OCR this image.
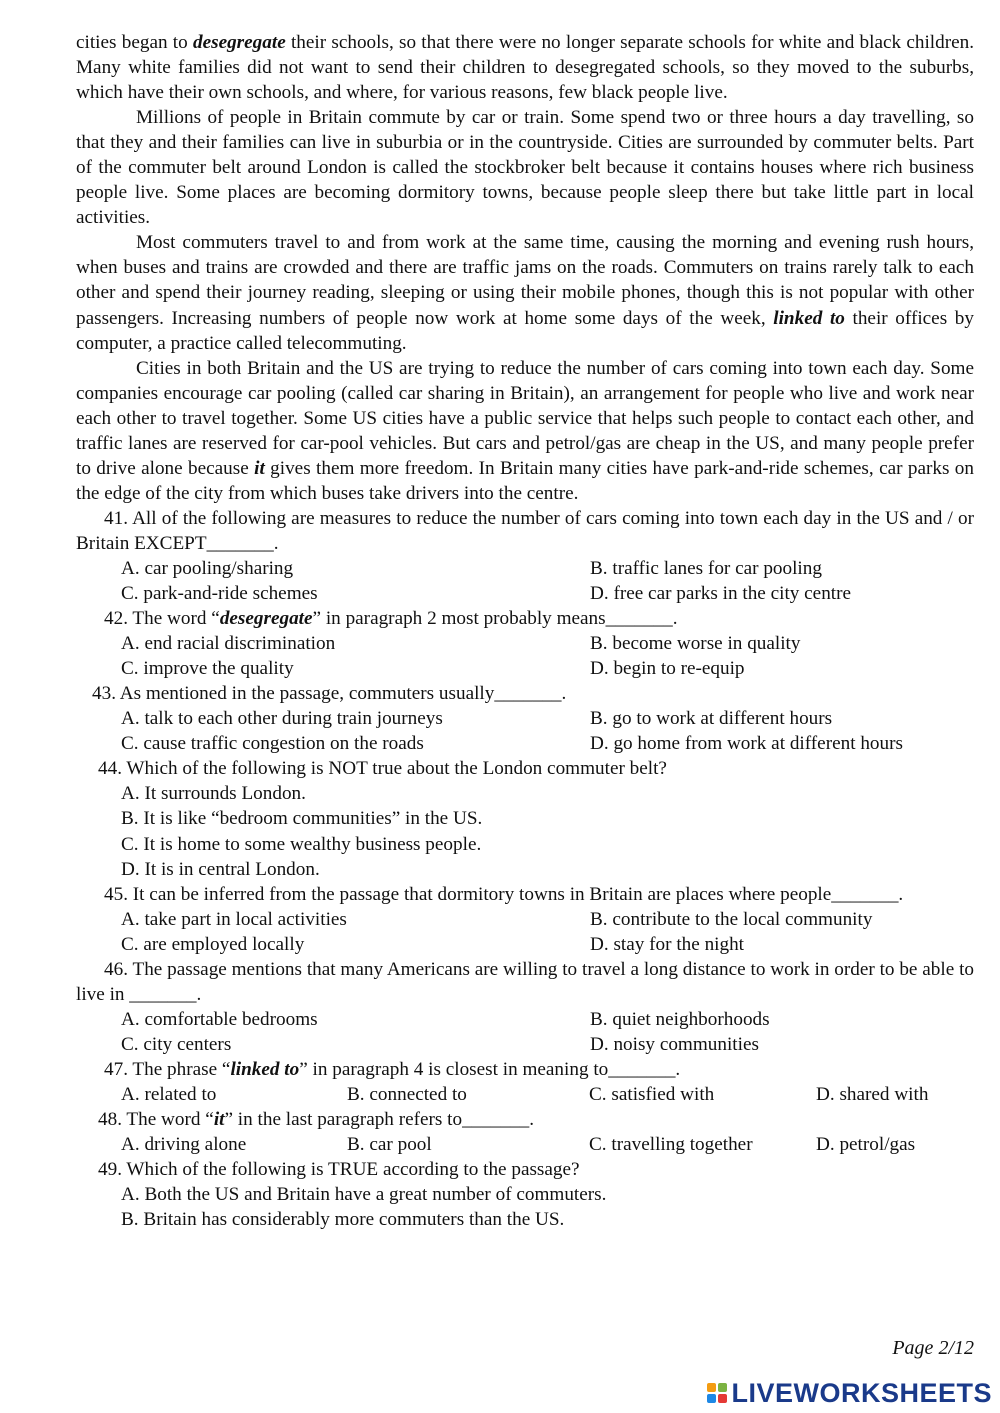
cities began to desegregate their schools, so that there were no longer separate schools for white and black children. Many white families did not want to send their children to desegregated schools, so they moved to the suburbs, which have their own schools, and where, for various reasons, few black people live.

Millions of people in Britain commute by car or train. Some spend two or three hours a day travelling, so that they and their families can live in suburbia or in the countryside. Cities are surrounded by commuter belts. Part of the commuter belt around London is called the stockbroker belt because it contains houses where rich business people live. Some places are becoming dormitory towns, because people sleep there but take little part in local activities.

Most commuters travel to and from work at the same time, causing the morning and evening rush hours, when buses and trains are crowded and there are traffic jams on the roads. Commuters on trains rarely talk to each other and spend their journey reading, sleeping or using their mobile phones, though this is not popular with other passengers. Increasing numbers of people now work at home some days of the week, linked to their offices by computer, a practice called telecommuting.

Cities in both Britain and the US are trying to reduce the number of cars coming into town each day. Some companies encourage car pooling (called car sharing in Britain), an arrangement for people who live and work near each other to travel together. Some US cities have a public service that helps such people to contact each other, and traffic lanes are reserved for car-pool vehicles. But cars and petrol/gas are cheap in the US, and many people prefer to drive alone because it gives them more freedom. In Britain many cities have park-and-ride schemes, car parks on the edge of the city from which buses take drivers into the centre.

41. All of the following are measures to reduce the number of cars coming into town each day in the US and / or Britain EXCEPT_______.

A. car pooling/sharing	B. traffic lanes for car pooling
C. park-and-ride schemes	D. free car parks in the city centre

42. The word “desegregate” in paragraph 2 most probably means_______.

A. end racial discrimination	B. become worse in quality
C. improve the quality	D. begin to re-equip

43. As mentioned in the passage, commuters usually_______.

A. talk to each other during train journeys	B. go to work at different hours
C. cause traffic congestion on the roads	D. go home from work at different hours

44. Which of the following is NOT true about the London commuter belt?

A. It surrounds London.
B. It is like “bedroom communities” in the US.
C. It is home to some wealthy business people.
D. It is in central London.

45. It can be inferred from the passage that dormitory towns in Britain are places where people_______.

A. take part in local activities	B. contribute to the local community
C. are employed locally	D. stay for the night

46. The passage mentions that many Americans are willing to travel a long distance to work in order to be able to live in _______.

A. comfortable bedrooms	B. quiet neighborhoods
C. city centers	D. noisy communities

47. The phrase “linked to” in paragraph 4 is closest in meaning to_______.

A. related to	B. connected to	C. satisfied with	D. shared with

48. The word “it” in the last paragraph refers to_______.

A. driving alone	B. car pool	C. travelling together	D. petrol/gas

49. Which of the following is TRUE according to the passage?

A. Both the US and Britain have a great number of commuters.
B. Britain has considerably more commuters than the US.
Page 2/12
LIVEWORKSHEETS
